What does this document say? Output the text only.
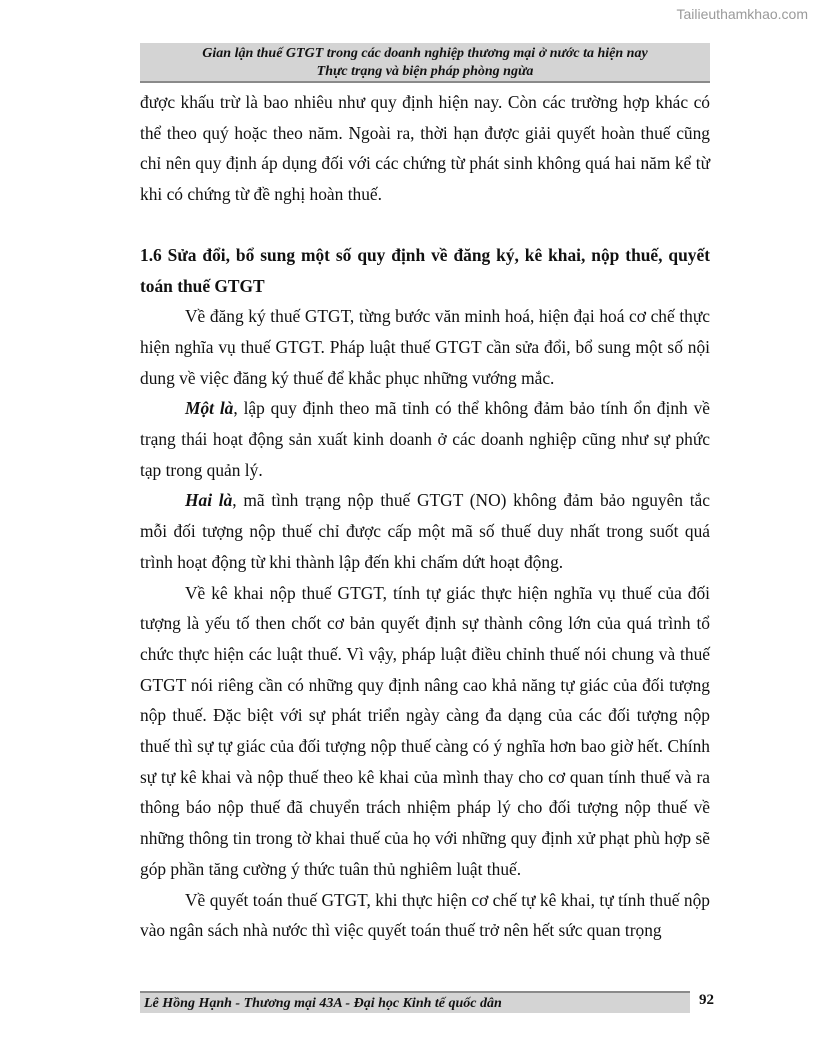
Tailieuthamkhao.com
Gian lận thuế GTGT trong các doanh nghiệp thương mại ở nước ta hiện nay
Thực trạng và biện pháp phòng ngừa

được khấu trừ là bao nhiêu như quy định hiện nay. Còn các trường hợp khác có thể theo quý hoặc theo năm. Ngoài ra, thời hạn được giải quyết hoàn thuế cũng chỉ nên quy định áp dụng đối với các chứng từ phát sinh không quá hai năm kể từ khi có chứng từ đề nghị hoàn thuế.

1.6 Sửa đổi, bổ sung một số quy định về đăng ký, kê khai, nộp thuế, quyết toán thuế GTGT

Về đăng ký thuế GTGT, từng bước văn minh hoá, hiện đại hoá cơ chế thực hiện nghĩa vụ thuế GTGT. Pháp luật thuế GTGT cần sửa đổi, bổ sung một số nội dung về việc đăng ký thuế để khắc phục những vướng mắc.

Một là, lập quy định theo mã tỉnh có thể không đảm bảo tính ổn định về trạng thái hoạt động sản xuất kinh doanh ở các doanh nghiệp cũng như sự phức tạp trong quản lý.

Hai là, mã tình trạng nộp thuế GTGT (NO) không đảm bảo nguyên tắc mỗi đối tượng nộp thuế chỉ được cấp một mã số thuế duy nhất trong suốt quá trình hoạt động từ khi thành lập đến khi chấm dứt hoạt động.

Về kê khai nộp thuế GTGT, tính tự giác thực hiện nghĩa vụ thuế của đối tượng là yếu tố then chốt cơ bản quyết định sự thành công lớn của quá trình tổ chức thực hiện các luật thuế. Vì vậy, pháp luật điều chỉnh thuế nói chung và thuế GTGT nói riêng cần có những quy định nâng cao khả năng tự giác của đối tượng nộp thuế. Đặc biệt với sự phát triển ngày càng đa dạng của các đối tượng nộp thuế thì sự tự giác của đối tượng nộp thuế càng có ý nghĩa hơn bao giờ hết. Chính sự tự kê khai và nộp thuế theo kê khai của mình thay cho cơ quan tính thuế và ra thông báo nộp thuế đã chuyển trách nhiệm pháp lý cho đối tượng nộp thuế về những thông tin trong tờ khai thuế của họ với những quy định xử phạt phù hợp sẽ góp phần tăng cường ý thức tuân thủ nghiêm luật thuế.

Về quyết toán thuế GTGT, khi thực hiện cơ chế tự kê khai, tự tính thuế nộp vào ngân sách nhà nước thì việc quyết toán thuế trở nên hết sức quan trọng

Lê Hồng Hạnh - Thương mại 43A - Đại học Kinh tế quốc dân	92
